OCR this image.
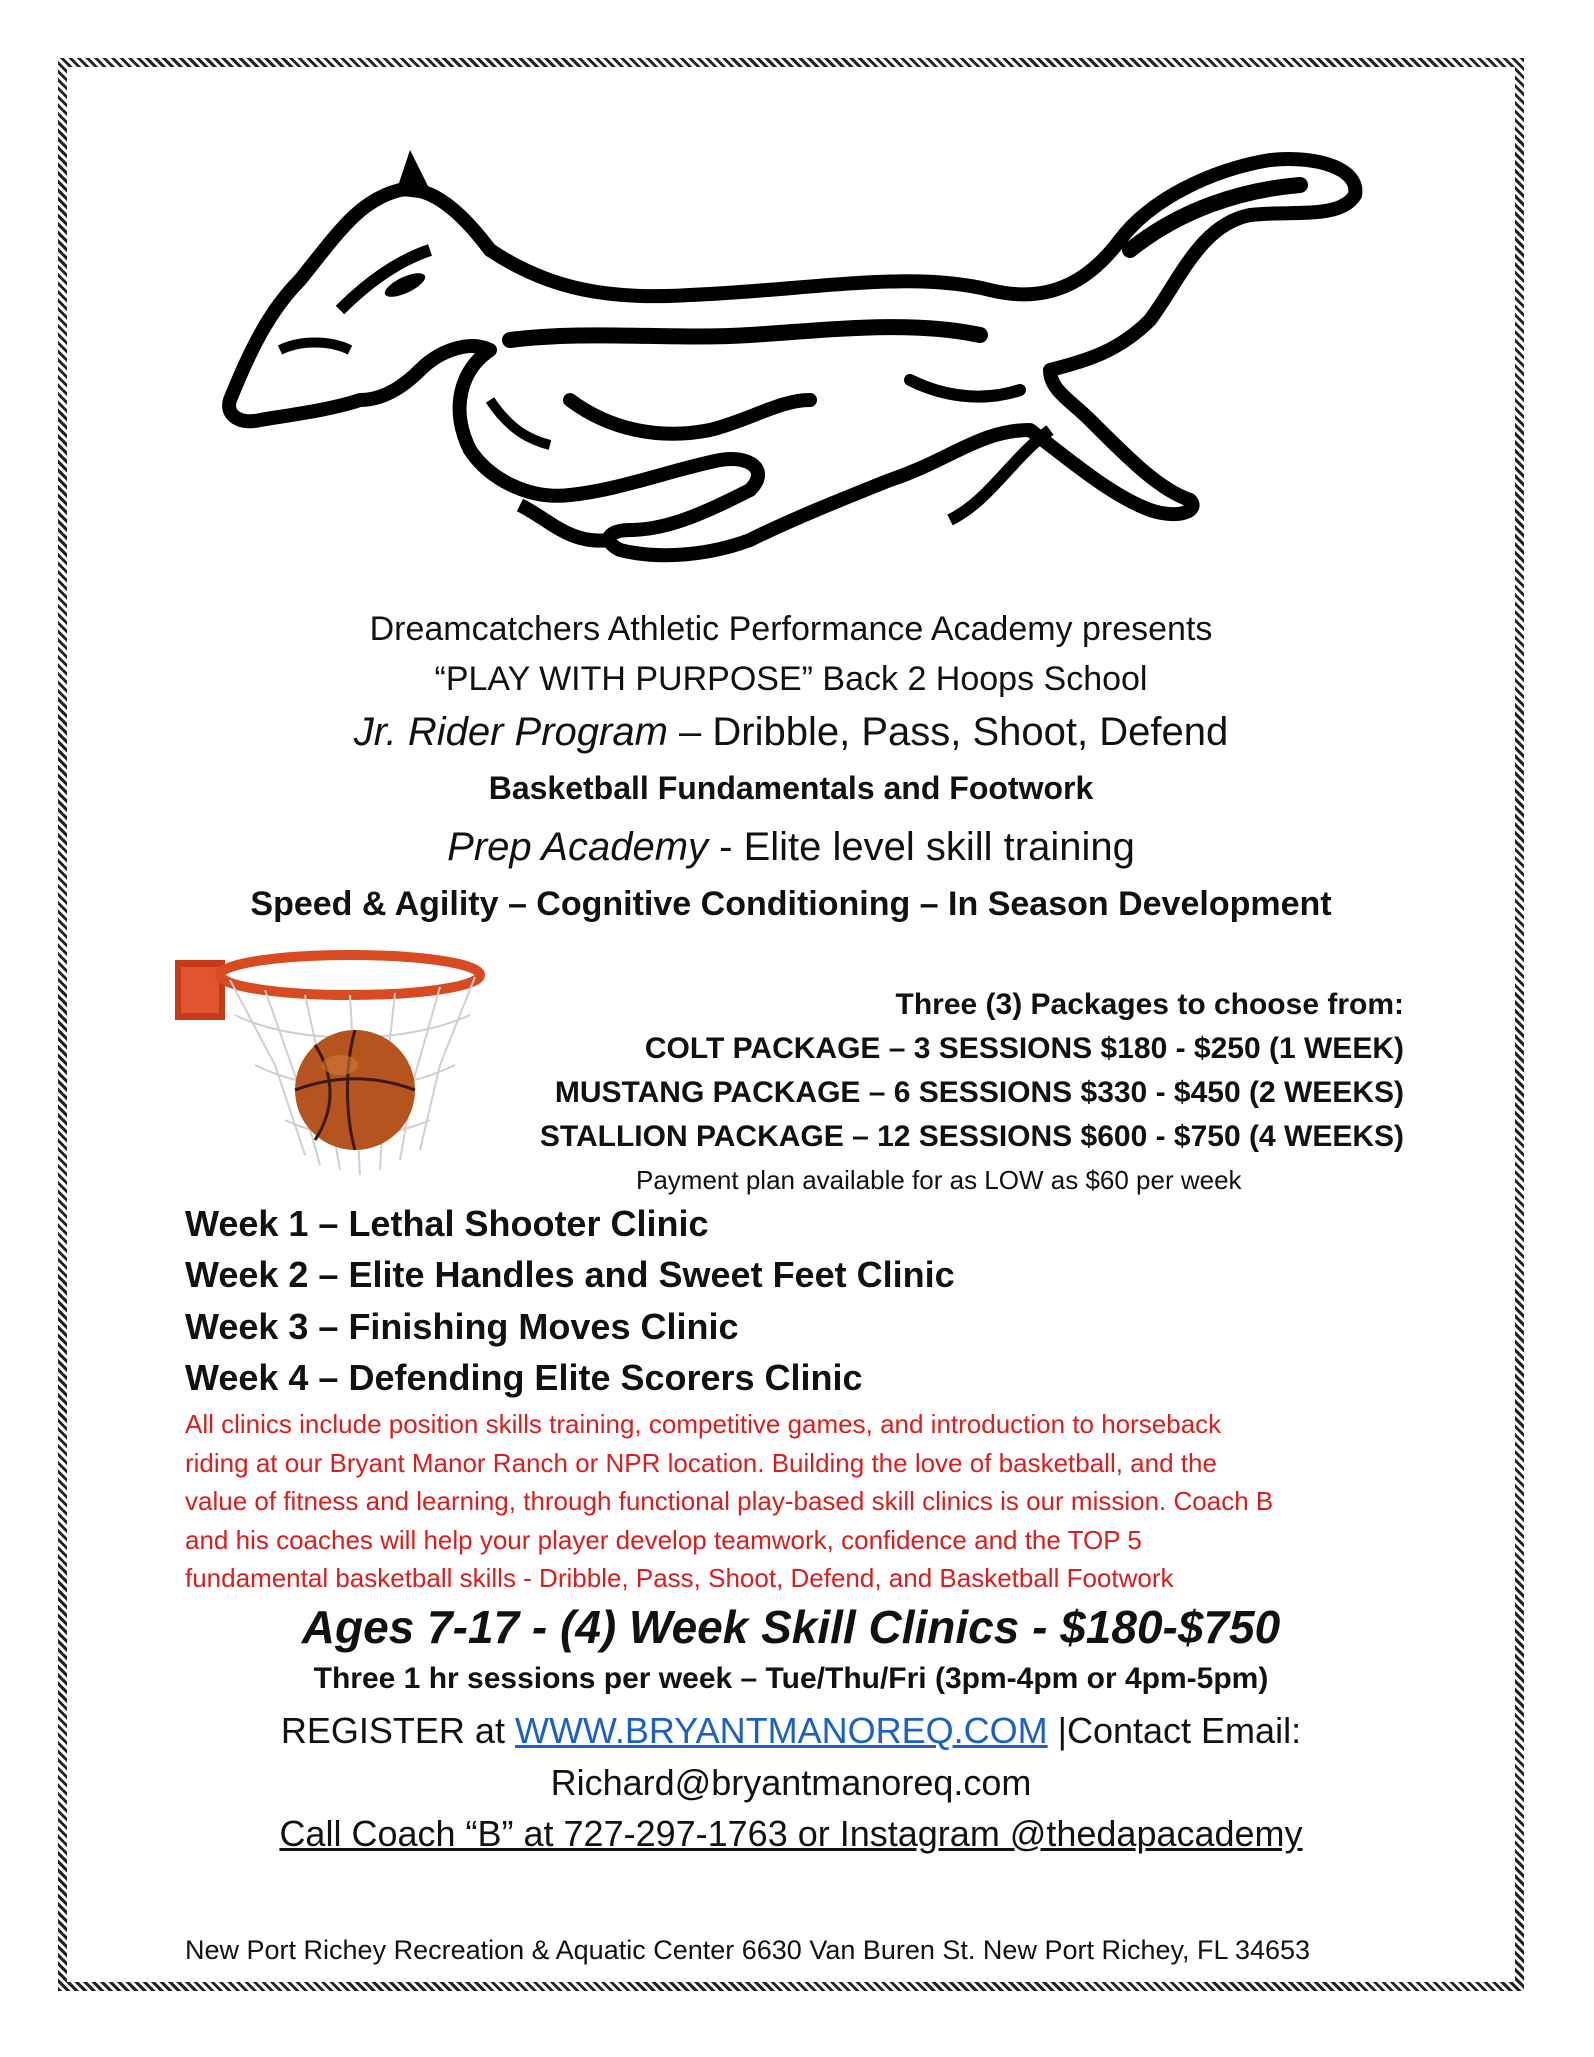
Dreamcatchers Athletic Performance Academy presents
“PLAY WITH PURPOSE” Back 2 Hoops School
Jr. Rider Program – Dribble, Pass, Shoot, Defend
Basketball Fundamentals and Footwork
Prep Academy - Elite level skill training
Speed & Agility – Cognitive Conditioning – In Season Development
Three (3) Packages to choose from:
COLT PACKAGE – 3 SESSIONS $180 - $250 (1 WEEK)
MUSTANG PACKAGE – 6 SESSIONS $330 - $450 (2 WEEKS)
STALLION PACKAGE – 12 SESSIONS $600 - $750 (4 WEEKS)
Payment plan available for as LOW as $60 per week
Week 1 – Lethal Shooter Clinic
Week 2 – Elite Handles and Sweet Feet Clinic
Week 3 – Finishing Moves Clinic
Week 4 – Defending Elite Scorers Clinic
All clinics include position skills training, competitive games, and introduction to horseback
riding at our Bryant Manor Ranch or NPR location. Building the love of basketball, and the
value of fitness and learning, through functional play-based skill clinics is our mission. Coach B
and his coaches will help your player develop teamwork, confidence and the TOP 5
fundamental basketball skills - Dribble, Pass, Shoot, Defend, and Basketball Footwork
Ages 7-17 - (4) Week Skill Clinics - $180-$750
Three 1 hr sessions per week – Tue/Thu/Fri (3pm-4pm or 4pm-5pm)
REGISTER at WWW.BRYANTMANOREQ.COM |Contact Email:
Richard@bryantmanoreq.com
Call Coach “B” at 727-297-1763 or Instagram @thedapacademy
New Port Richey Recreation & Aquatic Center 6630 Van Buren St. New Port Richey, FL 34653
